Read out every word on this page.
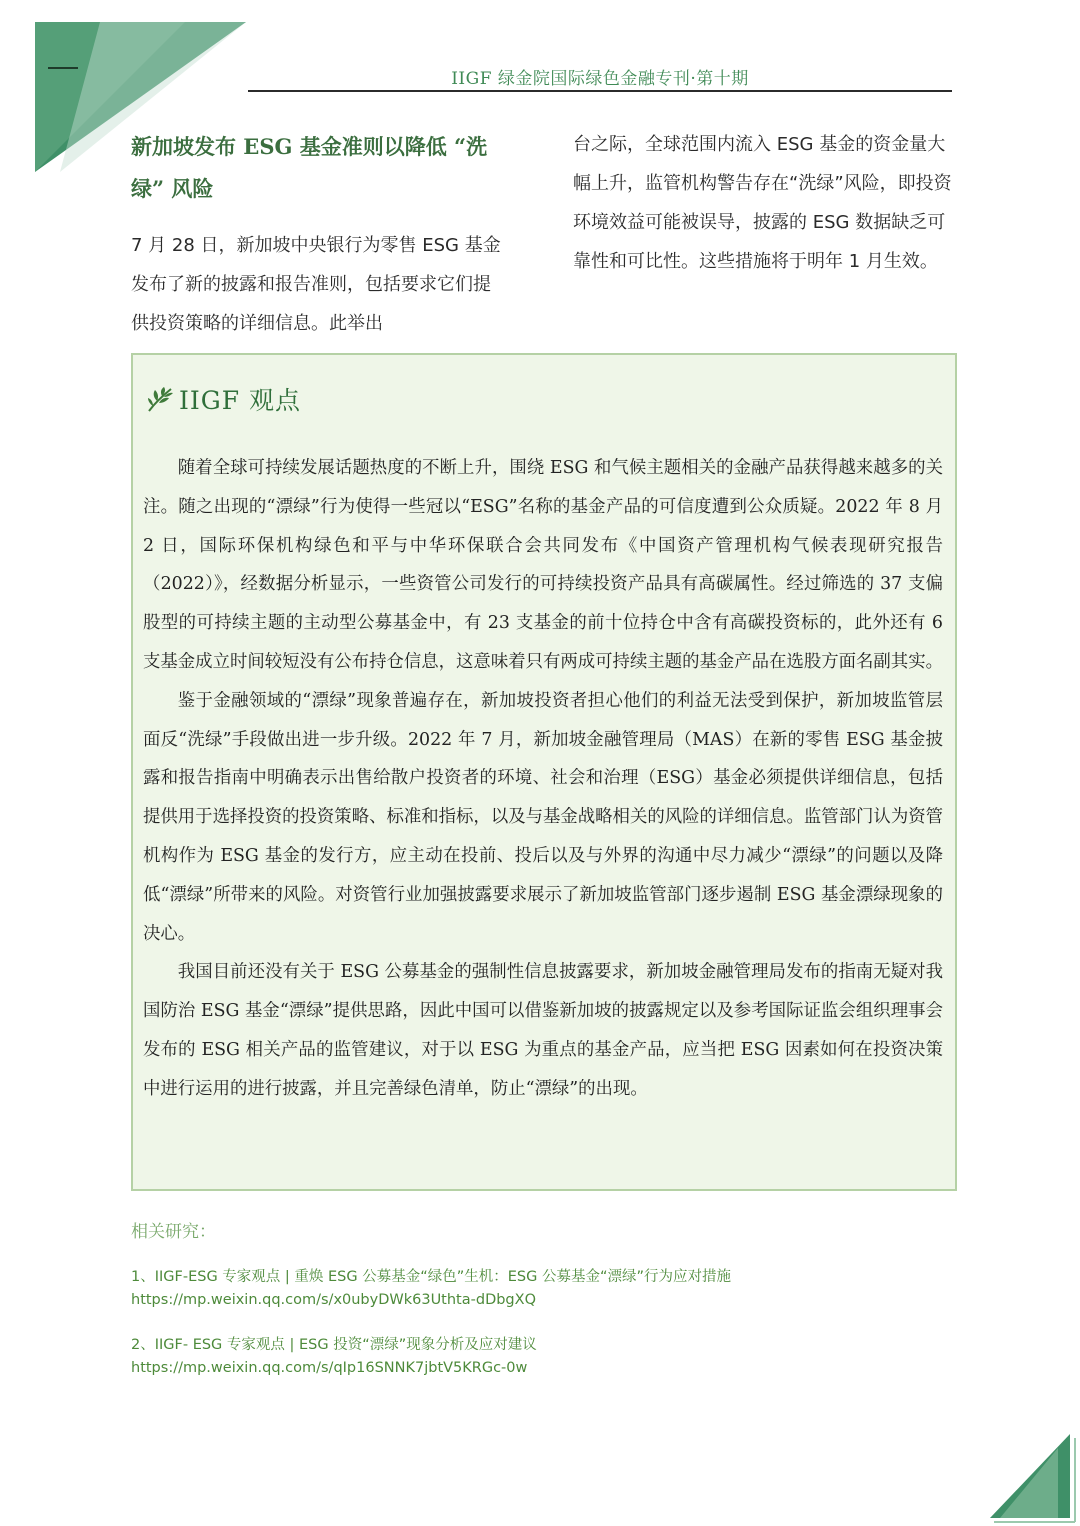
IIGF 绿金院国际绿色金融专刊·第十期
新加坡发布 ESG 基金准则以降低 “洗绿” 风险

7 月 28 日，新加坡中央银行为零售 ESG 基金发布了新的披露和报告准则，包括要求它们提供投资策略的详细信息。此举出

台之际，全球范围内流入 ESG 基金的资金量大幅上升，监管机构警告存在“洗绿”风险，即投资环境效益可能被误导，披露的 ESG 数据缺乏可靠性和可比性。这些措施将于明年 1 月生效。

IIGF 观点

随着全球可持续发展话题热度的不断上升，围绕 ESG 和气候主题相关的金融产品获得越来越多的关注。随之出现的“漂绿”行为使得一些冠以“ESG”名称的基金产品的可信度遭到公众质疑。2022 年 8 月 2 日，国际环保机构绿色和平与中华环保联合会共同发布《中国资产管理机构气候表现研究报告（2022）》，经数据分析显示，一些资管公司发行的可持续投资产品具有高碳属性。经过筛选的 37 支偏股型的可持续主题的主动型公募基金中，有 23 支基金的前十位持仓中含有高碳投资标的，此外还有 6 支基金成立时间较短没有公布持仓信息，这意味着只有两成可持续主题的基金产品在选股方面名副其实。

鉴于金融领域的“漂绿”现象普遍存在，新加坡投资者担心他们的利益无法受到保护，新加坡监管层面反“洗绿”手段做出进一步升级。2022 年 7 月，新加坡金融管理局（MAS）在新的零售 ESG 基金披露和报告指南中明确表示出售给散户投资者的环境、社会和治理（ESG）基金必须提供详细信息，包括提供用于选择投资的投资策略、标准和指标，以及与基金战略相关的风险的详细信息。监管部门认为资管机构作为 ESG 基金的发行方，应主动在投前、投后以及与外界的沟通中尽力减少“漂绿”的问题以及降低“漂绿”所带来的风险。对资管行业加强披露要求展示了新加坡监管部门逐步遏制 ESG 基金漂绿现象的决心。

我国目前还没有关于 ESG 公募基金的强制性信息披露要求，新加坡金融管理局发布的指南无疑对我国防治 ESG 基金“漂绿”提供思路，因此中国可以借鉴新加坡的披露规定以及参考国际证监会组织理事会发布的 ESG 相关产品的监管建议，对于以 ESG 为重点的基金产品，应当把 ESG 因素如何在投资决策中进行运用的进行披露，并且完善绿色清单，防止“漂绿”的出现。

相关研究：
1、IIGF-ESG 专家观点 | 重焕 ESG 公募基金“绿色”生机：ESG 公募基金“漂绿”行为应对措施
https://mp.weixin.qq.com/s/x0ubyDWk63Uthta-dDbgXQ
2、IIGF- ESG 专家观点 | ESG 投资“漂绿”现象分析及应对建议
https://mp.weixin.qq.com/s/qIp16SNNK7jbtV5KRGc-0w
